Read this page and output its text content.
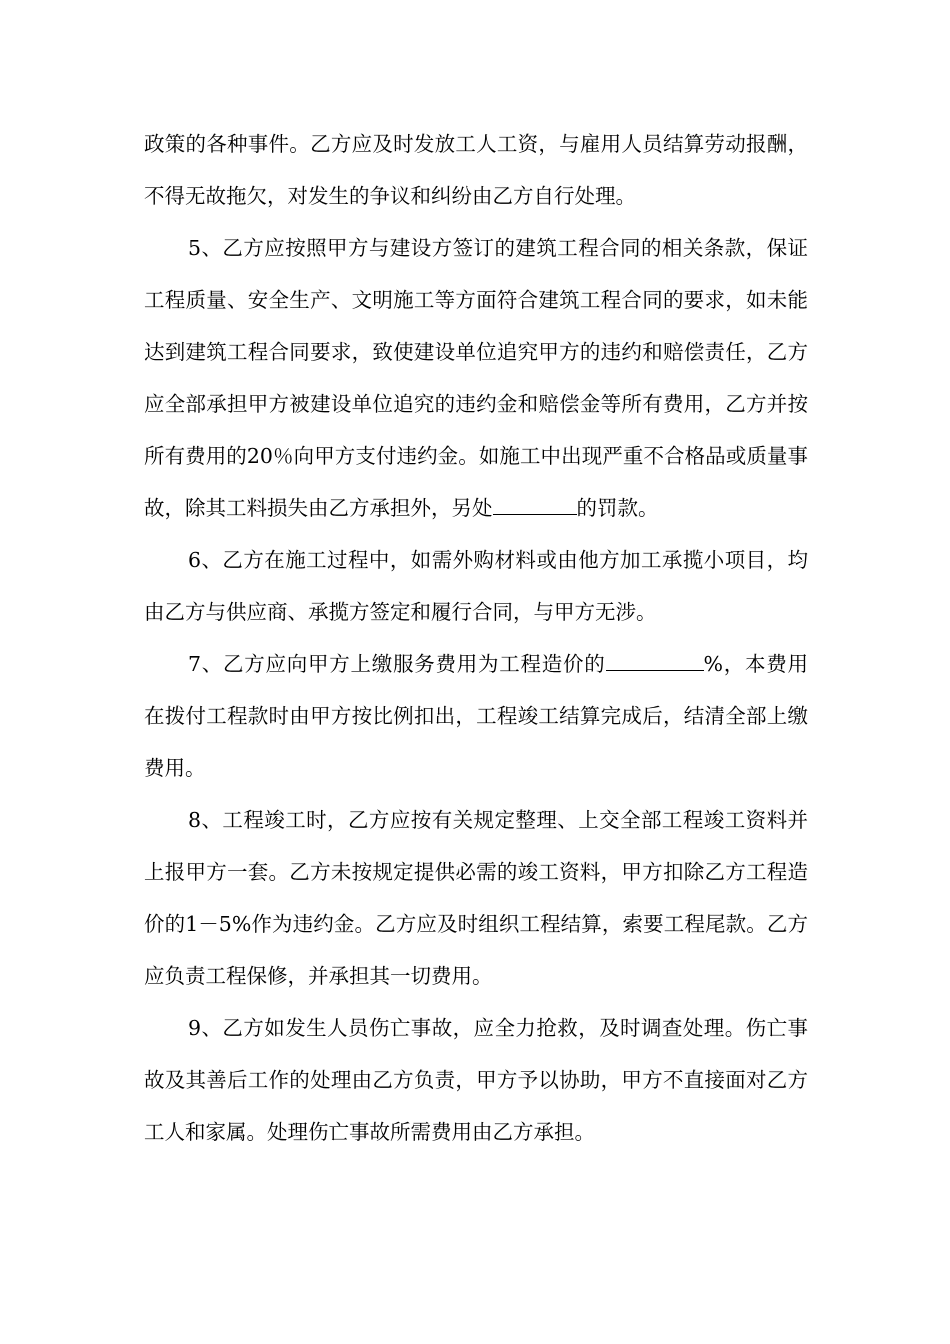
政策的各种事件。乙方应及时发放工人工资，与雇用人员结算劳动报酬，不得无故拖欠，对发生的争议和纠纷由乙方自行处理。

5、乙方应按照甲方与建设方签订的建筑工程合同的相关条款，保证工程质量、安全生产、文明施工等方面符合建筑工程合同的要求，如未能达到建筑工程合同要求，致使建设单位追究甲方的违约和赔偿责任，乙方应全部承担甲方被建设单位追究的违约金和赔偿金等所有费用，乙方并按所有费用的20％向甲方支付违约金。如施工中出现严重不合格品或质量事故，除其工料损失由乙方承担外，另处	的罚款。

6、乙方在施工过程中，如需外购材料或由他方加工承揽小项目，均由乙方与供应商、承揽方签定和履行合同，与甲方无涉。

7、乙方应向甲方上缴服务费用为工程造价的	%，本费用在拨付工程款时由甲方按比例扣出，工程竣工结算完成后，结清全部上缴费用。

8、工程竣工时，乙方应按有关规定整理、上交全部工程竣工资料并上报甲方一套。乙方未按规定提供必需的竣工资料，甲方扣除乙方工程造价的1－5%作为违约金。乙方应及时组织工程结算，索要工程尾款。乙方应负责工程保修，并承担其一切费用。

9、乙方如发生人员伤亡事故，应全力抢救，及时调查处理。伤亡事故及其善后工作的处理由乙方负责，甲方予以协助，甲方不直接面对乙方工人和家属。处理伤亡事故所需费用由乙方承担。
